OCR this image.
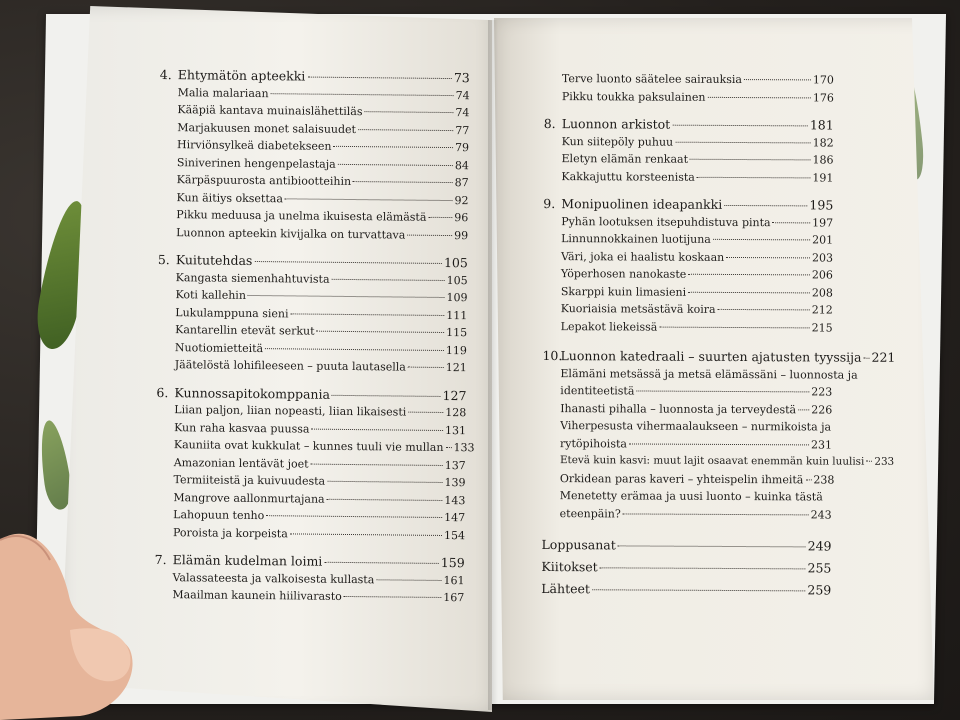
4. Ehtymätön apteekki	73
Malia malariaan	74
Kääpiä kantava muinaislähettiläs	74
Marjakuusen monet salaisuudet	77
Hirviönsylkeä diabetekseen	79
Siniverinen hengenpelastaja	84
Kärpäspuurosta antibiootteihin	87
Kun äitiys oksettaa	92
Pikku meduusa ja unelma ikuisesta elämästä	96
Luonnon apteekin kivijalka on turvattava	99
5. Kuitutehdas	105
Kangasta siemenhahtuvista	105
Koti kallehin	109
Lukulamppuna sieni	111
Kantarellin etevät serkut	115
Nuotiomietteitä	119
Jäätelöstä lohifileeseen – puuta lautasella	121
6. Kunnossapitokomppania	127
Liian paljon, liian nopeasti, liian likaisesti	128
Kun raha kasvaa puussa	131
Kauniita ovat kukkulat – kunnes tuuli vie mullan 133
Amazonian lentävät joet	137
Termiiteistä ja kuivuudesta	139
Mangrove aallonmurtajana	143
Lahopuun tenho	147
Poroista ja korpeista	154
7. Elämän kudelman loimi	159
Valassateesta ja valkoisesta kullasta	161
Maailman kaunein hiilivarasto	167
Terve luonto säätelee sairauksia	170
Pikku toukka paksulainen	176
8. Luonnon arkistot	181
Kun siitepöly puhuu	182
Eletyn elämän renkaat	186
Kakkajuttu korsteenista	191
9. Monipuolinen ideapankki	195
Pyhän lootuksen itsepuhdistuva pinta	197
Linnunnokkainen luotijuna	201
Väri, joka ei haalistu koskaan	203
Yöperhosen nanokaste	206
Skarppi kuin limasieni	208
Kuoriaisia metsästävä koira	212
Lepakot liekeissä	215
10.Luonnon katedraali – suurten ajatusten tyyssija 221
Elämäni metsässä ja metsä elämässäni – luonnosta ja
identiteetistä	223
Ihanasti pihalla – luonnosta ja terveydestä 226
Viherpesusta vihermaalaukseen – nurmikoista ja
rytöpihoista	231
Etevä kuin kasvi: muut lajit osaavat enemmän kuin luulisi 233
Orkidean paras kaveri – yhteispelin ihmeitä 238
Menetetty erämaa ja uusi luonto – kuinka tästä
eteenpäin?	243
Loppusanat	249
Kiitokset	255
Lähteet	259
